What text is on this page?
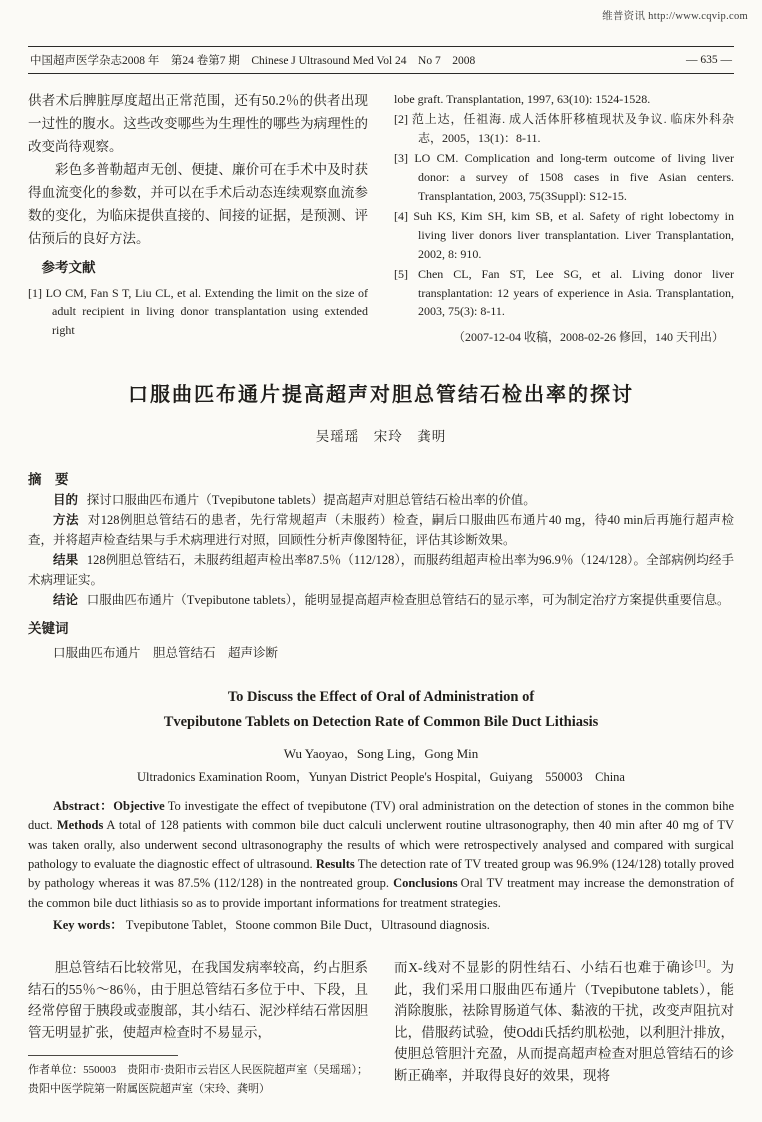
维普资讯 http://www.cqvip.com
中国超声医学杂志2008 年　第24 卷第7 期　Chinese J Ultrasound Med Vol 24　No 7　2008	— 635 —

供者术后脾脏厚度超出正常范围，还有50.2％的供者出现一过性的腹水。这些改变哪些为生理性的哪些为病理性的改变尚待观察。

彩色多普勒超声无创、便捷、廉价可在手术中及时获得血流变化的参数，并可以在手术后动态连续观察血流参数的变化，为临床提供直接的、间接的证据，是预测、评估预后的良好方法。

参考文献

[1] LO CM, Fan S T, Liu CL, et al. Extending the limit on the size of adult recipient in living donor transplantation using extended right

lobe graft. Transplantation, 1997, 63(10): 1524-1528.

[2] 范上达，任祖海. 成人活体肝移植现状及争议. 临床外科杂志，2005，13(1)：8-11.

[3] LO CM. Complication and long-term outcome of living liver donor: a survey of 1508 cases in five Asian centers. Transplantation, 2003, 75(3Suppl): S12-15.

[4] Suh KS, Kim SH, kim SB, et al. Safety of right lobectomy in living liver donors liver transplantation. Liver Transplantation, 2002, 8: 910.

[5] Chen CL, Fan ST, Lee SG, et al. Living donor liver transplantation: 12 years of experience in Asia. Transplantation, 2003, 75(3): 8-11.

（2007-12-04 收稿，2008-02-26 修回，140 天刊出）

口服曲匹布通片提高超声对胆总管结石检出率的探讨

吴瑶瑶　宋玲　龚明

摘　要

目的 探讨口服曲匹布通片（Tvepibutone tablets）提高超声对胆总管结石检出率的价值。

方法 对128例胆总管结石的患者，先行常规超声（未服药）检查，嗣后口服曲匹布通片40 mg，待40 min后再施行超声检查，并将超声检查结果与手术病理进行对照，回顾性分析声像图特征，评估其诊断效果。

结果 128例胆总管结石，未服药组超声检出率87.5％（112/128），而服药组超声检出率为96.9％（124/128）。全部病例均经手术病理证实。

结论 口服曲匹布通片（Tvepibutone tablets），能明显提高超声检查胆总管结石的显示率，可为制定治疗方案提供重要信息。

关键词

口服曲匹布通片　胆总管结石　超声诊断

To Discuss the Effect of Oral of Administration of
Tvepibutone Tablets on Detection Rate of Common Bile Duct Lithiasis

Wu Yaoyao，Song Ling，Gong Min

Ultradonics Examination Room，Yunyan District People's Hospital，Guiyang　550003　China

Abstract：Objective To investigate the effect of tvepibutone (TV) oral administration on the detection of stones in the common bihe duct. Methods A total of 128 patients with common bile duct calculi unclerwent routine ultrasonography, then 40 min after 40 mg of TV was taken orally, also underwent second ultrasonography the results of which were retrospectively analysed and compared with surgical pathology to evaluate the diagnostic effect of ultrasound. Results The detection rate of TV treated group was 96.9% (124/128) totally proved by pathology whereas it was 87.5% (112/128) in the nontreated group. Conclusions Oral TV treatment may increase the demonstration of the common bile duct lithiasis so as to provide important informations for treatment strategies.

Key words： Tvepibutone Tablet，Stoone common Bile Duct，Ultrasound diagnosis.

胆总管结石比较常见，在我国发病率较高，约占胆系结石的55％～86％，由于胆总管结石多位于中、下段，且经常停留于胰段或壶腹部，其小结石、泥沙样结石常因胆管无明显扩张，使超声检查时不易显示，

作者单位：550003　贵阳市·贵阳市云岩区人民医院超声室（吴瑶瑶）；贵阳中医学院第一附属医院超声室（宋玲、龚明）

而X-线对不显影的阴性结石、小结石也难于确诊[1]。为此，我们采用口服曲匹布通片（Tvepibutone tablets），能消除腹胀，祛除胃肠道气体、黏液的干扰，改变声阻抗对比，借服药试验，使Oddi氏括约肌松弛，以利胆汁排放，使胆总管胆汁充盈，从而提高超声检查对胆总管结石的诊断正确率，并取得良好的效果，现将
